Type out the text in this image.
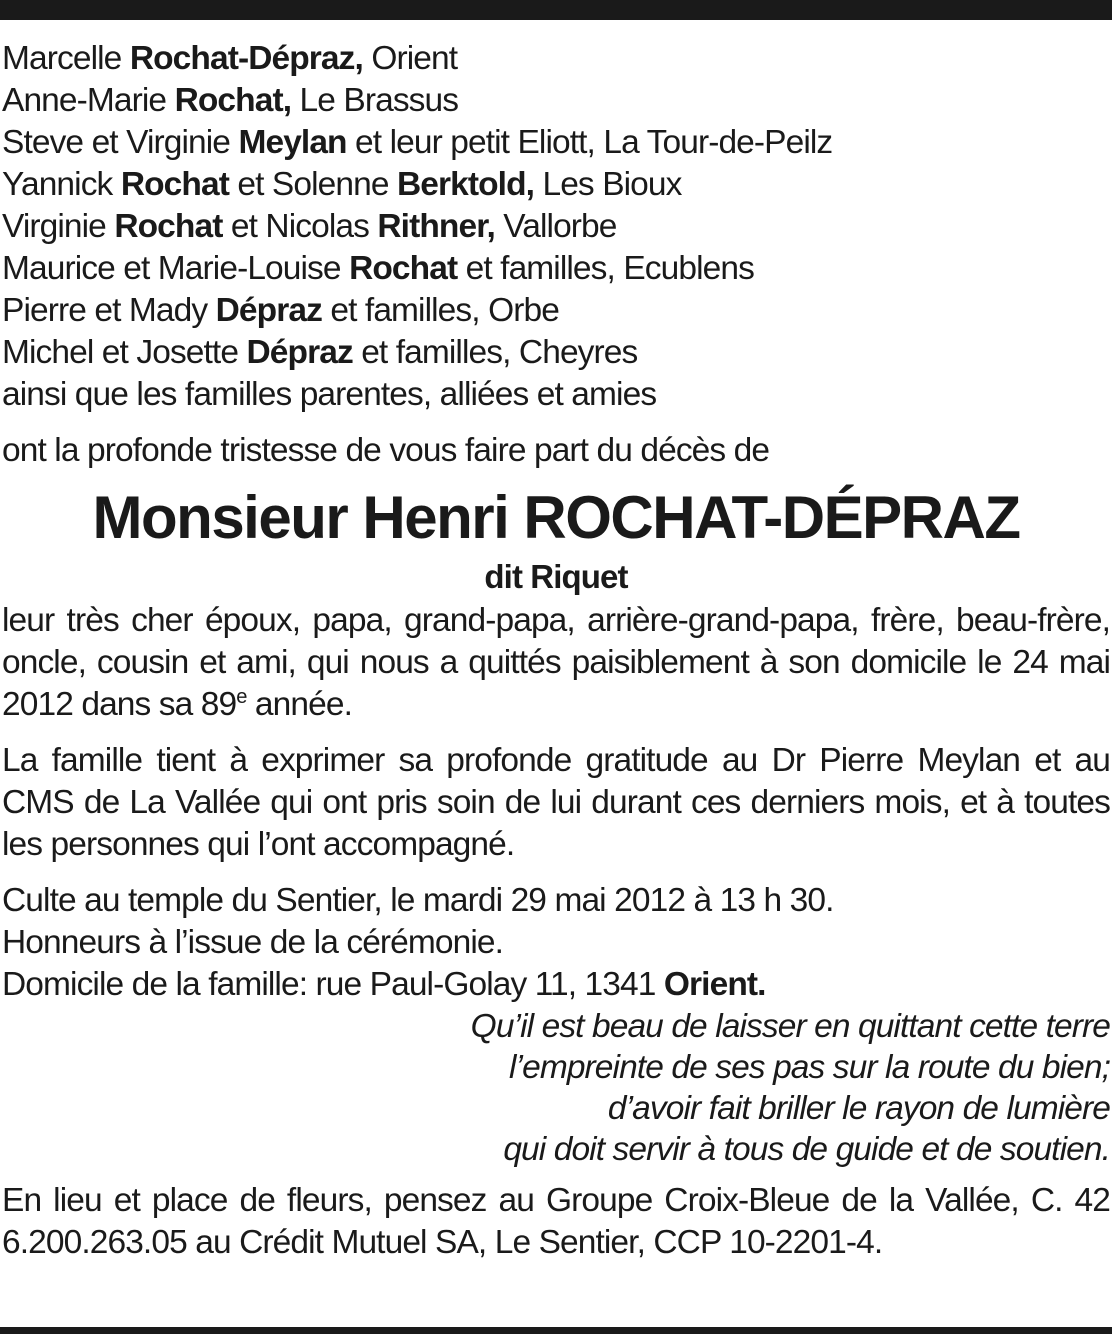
Marcelle Rochat-Dépraz, Orient
Anne-Marie Rochat, Le Brassus
Steve et Virginie Meylan et leur petit Eliott, La Tour-de-Peilz
Yannick Rochat et Solenne Berktold, Les Bioux
Virginie Rochat et Nicolas Rithner, Vallorbe
Maurice et Marie-Louise Rochat et familles, Ecublens
Pierre et Mady Dépraz et familles, Orbe
Michel et Josette Dépraz et familles, Cheyres
ainsi que les familles parentes, alliées et amies
ont la profonde tristesse de vous faire part du décès de
Monsieur Henri ROCHAT-DÉPRAZ
dit Riquet

leur très cher époux, papa, grand-papa, arrière-grand-papa, frère, beau-frère, oncle, cousin et ami, qui nous a quittés paisiblement à son domicile le 24 mai 2012 dans sa 89e année.

La famille tient à exprimer sa profonde gratitude au Dr Pierre Meylan et au CMS de La Vallée qui ont pris soin de lui durant ces derniers mois, et à toutes les personnes qui l’ont accompagné.

Culte au temple du Sentier, le mardi 29 mai 2012 à 13 h 30.
Honneurs à l’issue de la cérémonie.
Domicile de la famille: rue Paul-Golay 11, 1341 Orient.
Qu’il est beau de laisser en quittant cette terre
l’empreinte de ses pas sur la route du bien;
d’avoir fait briller le rayon de lumière
qui doit servir à tous de guide et de soutien.

En lieu et place de fleurs, pensez au Groupe Croix-Bleue de la Vallée, C. 42 6.200.263.05 au Crédit Mutuel SA, Le Sentier, CCP 10-2201-4.
